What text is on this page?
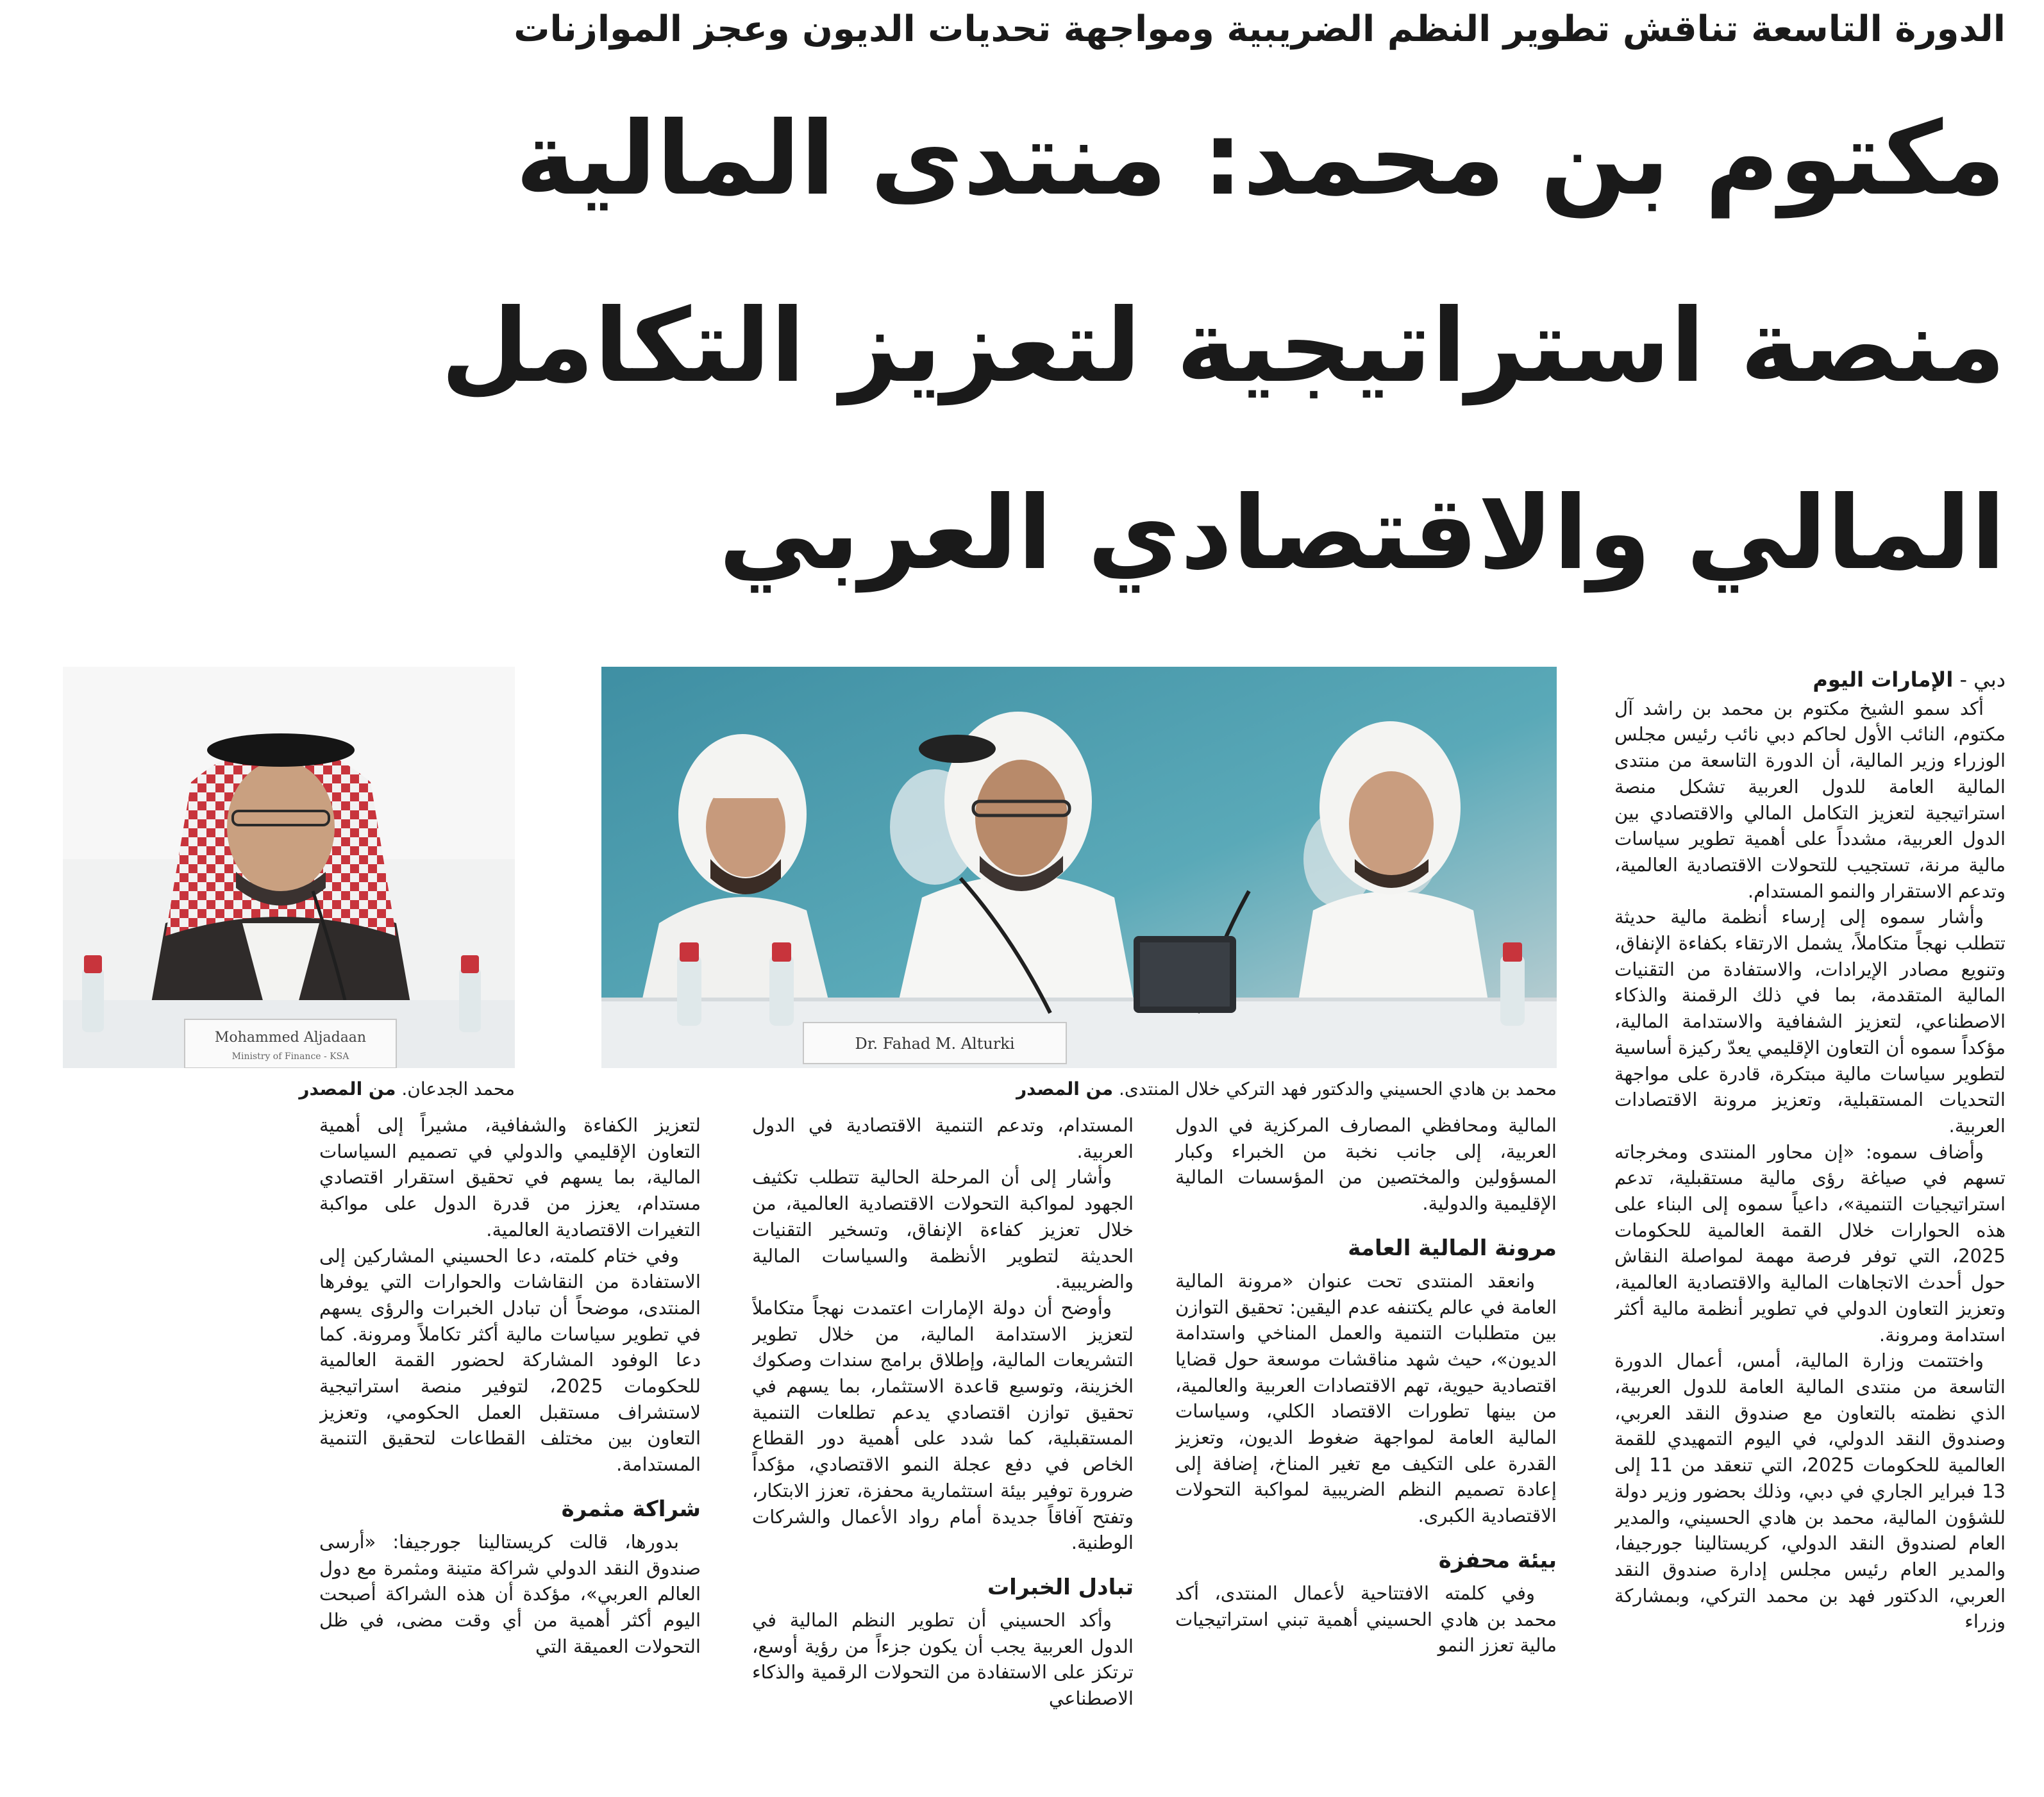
الدورة التاسعة تناقش تطوير النظم الضريبية ومواجهة تحديات الديون وعجز الموازنات
مكتوم بن محمد: منتدى المالية
منصة استراتيجية لتعزيز التكامل
المالي والاقتصادي العربي

دبي - الإمارات اليوم

أكد سمو الشيخ مكتوم بن محمد بن راشد آل مكتوم، النائب الأول لحاكم دبي نائب رئيس مجلس الوزراء وزير المالية، أن الدورة التاسعة من منتدى المالية العامة للدول العربية تشكل منصة استراتيجية لتعزيز التكامل المالي والاقتصادي بين الدول العربية، مشدداً على أهمية تطوير سياسات مالية مرنة، تستجيب للتحولات الاقتصادية العالمية، وتدعم الاستقرار والنمو المستدام.

وأشار سموه إلى إرساء أنظمة مالية حديثة تتطلب نهجاً متكاملاً، يشمل الارتقاء بكفاءة الإنفاق، وتنويع مصادر الإيرادات، والاستفادة من التقنيات المالية المتقدمة، بما في ذلك الرقمنة والذكاء الاصطناعي، لتعزيز الشفافية والاستدامة المالية، مؤكداً سموه أن التعاون الإقليمي يعدّ ركيزة أساسية لتطوير سياسات مالية مبتكرة، قادرة على مواجهة التحديات المستقبلية، وتعزيز مرونة الاقتصادات العربية.

وأضاف سموه: «إن محاور المنتدى ومخرجاته تسهم في صياغة رؤى مالية مستقبلية، تدعم استراتيجيات التنمية»، داعياً سموه إلى البناء على هذه الحوارات خلال القمة العالمية للحكومات 2025، التي توفر فرصة مهمة لمواصلة النقاش حول أحدث الاتجاهات المالية والاقتصادية العالمية، وتعزيز التعاون الدولي في تطوير أنظمة مالية أكثر استدامة ومرونة.

واختتمت وزارة المالية، أمس، أعمال الدورة التاسعة من منتدى المالية العامة للدول العربية، الذي نظمته بالتعاون مع صندوق النقد العربي، وصندوق النقد الدولي، في اليوم التمهيدي للقمة العالمية للحكومات 2025، التي تنعقد من 11 إلى 13 فبراير الجاري في دبي، وذلك بحضور وزير دولة للشؤون المالية، محمد بن هادي الحسيني، والمدير العام لصندوق النقد الدولي، كريستالينا جورجيفا، والمدير العام رئيس مجلس إدارة صندوق النقد العربي، الدكتور فهد بن محمد التركي، وبمشاركة وزراء

Dr. Fahad M. Alturki
محمد بن هادي الحسيني والدكتور فهد التركي خلال المنتدى. من المصدر
Mohammed Aljadaan
Ministry of Finance - KSA
محمد الجدعان. من المصدر

المالية ومحافظي المصارف المركزية في الدول العربية، إلى جانب نخبة من الخبراء وكبار المسؤولين والمختصين من المؤسسات المالية الإقليمية والدولية.

مرونة المالية العامة

وانعقد المنتدى تحت عنوان «مرونة المالية العامة في عالم يكتنفه عدم اليقين: تحقيق التوازن بين متطلبات التنمية والعمل المناخي واستدامة الديون»، حيث شهد مناقشات موسعة حول قضايا اقتصادية حيوية، تهم الاقتصادات العربية والعالمية، من بينها تطورات الاقتصاد الكلي، وسياسات المالية العامة لمواجهة ضغوط الديون، وتعزيز القدرة على التكيف مع تغير المناخ، إضافة إلى إعادة تصميم النظم الضريبية لمواكبة التحولات الاقتصادية الكبرى.

بيئة محفزة

وفي كلمته الافتتاحية لأعمال المنتدى، أكد محمد بن هادي الحسيني أهمية تبني استراتيجيات مالية تعزز النمو

المستدام، وتدعم التنمية الاقتصادية في الدول العربية.

وأشار إلى أن المرحلة الحالية تتطلب تكثيف الجهود لمواكبة التحولات الاقتصادية العالمية، من خلال تعزيز كفاءة الإنفاق، وتسخير التقنيات الحديثة لتطوير الأنظمة والسياسات المالية والضريبية.

وأوضح أن دولة الإمارات اعتمدت نهجاً متكاملاً لتعزيز الاستدامة المالية، من خلال تطوير التشريعات المالية، وإطلاق برامج سندات وصكوك الخزينة، وتوسيع قاعدة الاستثمار، بما يسهم في تحقيق توازن اقتصادي يدعم تطلعات التنمية المستقبلية، كما شدد على أهمية دور القطاع الخاص في دفع عجلة النمو الاقتصادي، مؤكداً ضرورة توفير بيئة استثمارية محفزة، تعزز الابتكار، وتفتح آفاقاً جديدة أمام رواد الأعمال والشركات الوطنية.

تبادل الخبرات

وأكد الحسيني أن تطوير النظم المالية في الدول العربية يجب أن يكون جزءاً من رؤية أوسع، ترتكز على الاستفادة من التحولات الرقمية والذكاء الاصطناعي

لتعزيز الكفاءة والشفافية، مشيراً إلى أهمية التعاون الإقليمي والدولي في تصميم السياسات المالية، بما يسهم في تحقيق استقرار اقتصادي مستدام، يعزز من قدرة الدول على مواكبة التغيرات الاقتصادية العالمية.

وفي ختام كلمته، دعا الحسيني المشاركين إلى الاستفادة من النقاشات والحوارات التي يوفرها المنتدى، موضحاً أن تبادل الخبرات والرؤى يسهم في تطوير سياسات مالية أكثر تكاملاً ومرونة. كما دعا الوفود المشاركة لحضور القمة العالمية للحكومات 2025، لتوفير منصة استراتيجية لاستشراف مستقبل العمل الحكومي، وتعزيز التعاون بين مختلف القطاعات لتحقيق التنمية المستدامة.

شراكة مثمرة

بدورها، قالت كريستالينا جورجيفا: «أرسى صندوق النقد الدولي شراكة متينة ومثمرة مع دول العالم العربي»، مؤكدة أن هذه الشراكة أصبحت اليوم أكثر أهمية من أي وقت مضى، في ظل التحولات العميقة التي
